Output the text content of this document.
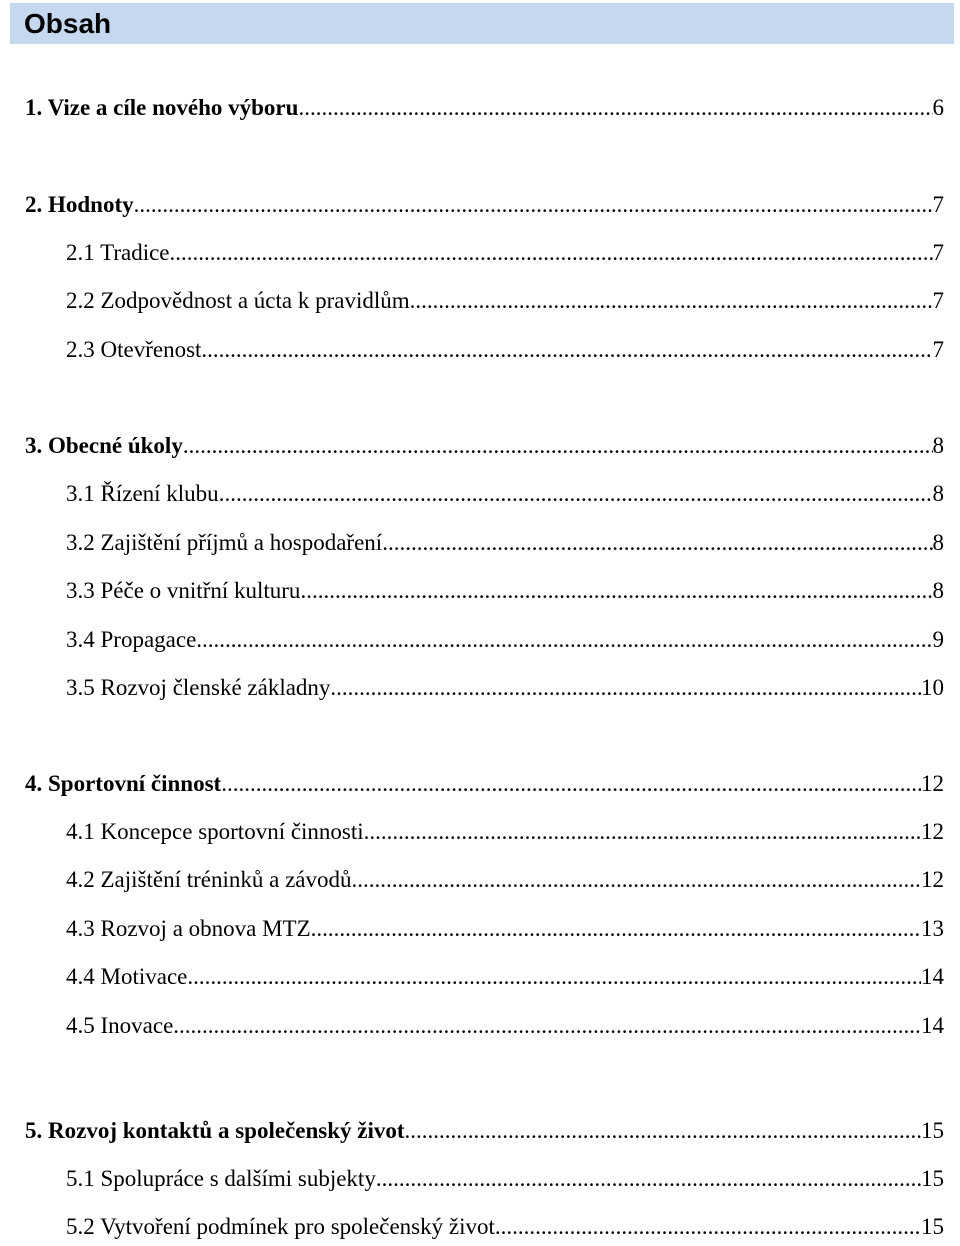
Obsah
1. Vize a cíle nového výboru .....	6
2. Hodnoty .....	7
2.1 Tradice .....	7
2.2 Zodpovědnost a úcta k pravidlům .....	7
2.3 Otevřenost .....	7
3. Obecné úkoly .....	8
3.1 Řízení klubu .....	8
3.2 Zajištění příjmů a hospodaření .....	8
3.3 Péče o vnitřní kulturu .....	8
3.4 Propagace .....	9
3.5 Rozvoj členské základny .....	10
4. Sportovní činnost .....	12
4.1 Koncepce sportovní činnosti .....	12
4.2 Zajištění tréninků a závodů .....	12
4.3 Rozvoj a obnova MTZ .....	13
4.4 Motivace .....	14
4.5 Inovace .....	14
5. Rozvoj kontaktů a společenský život .....	15
5.1 Spolupráce s dalšími subjekty .....	15
5.2 Vytvoření podmínek pro společenský život .....	15
